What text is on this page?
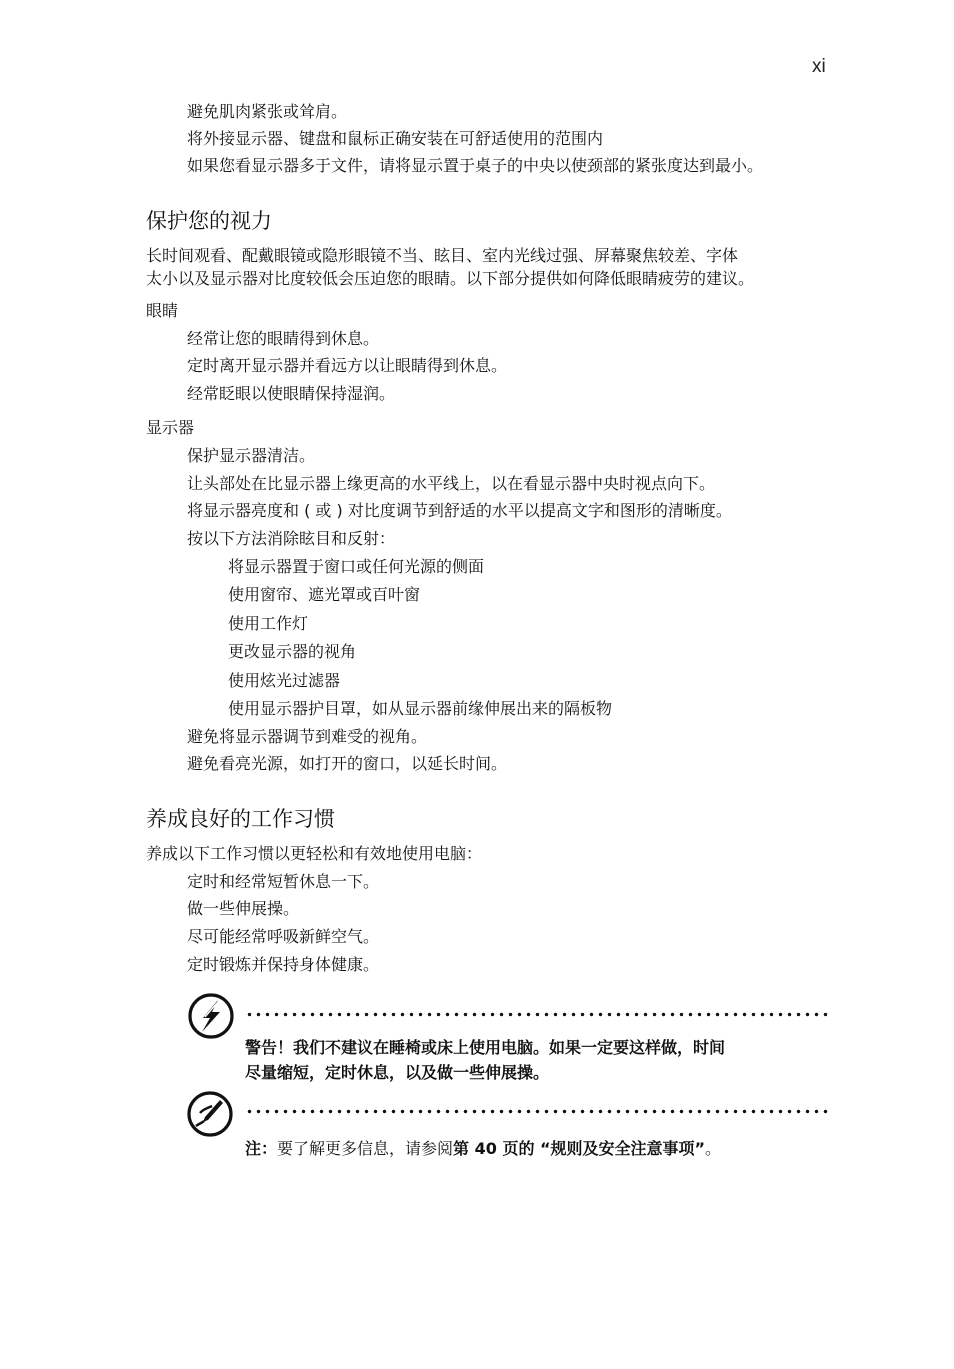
xi
避免肌肉紧张或耸肩。
将外接显示器、键盘和鼠标正确安装在可舒适使用的范围内
如果您看显示器多于文件，请将显示置于桌子的中央以使颈部的紧张度达到最小。
保护您的视力
长时间观看、配戴眼镜或隐形眼镜不当、眩目、室内光线过强、屏幕聚焦较差、字体
太小以及显示器对比度较低会压迫您的眼睛。以下部分提供如何降低眼睛疲劳的建议。
眼睛
经常让您的眼睛得到休息。
定时离开显示器并看远方以让眼睛得到休息。
经常眨眼以使眼睛保持湿润。
显示器
保护显示器清洁。
让头部处在比显示器上缘更高的水平线上，以在看显示器中央时视点向下。
将显示器亮度和 ( 或 ) 对比度调节到舒适的水平以提高文字和图形的清晰度。
按以下方法消除眩目和反射：
将显示器置于窗口或任何光源的侧面
使用窗帘、遮光罩或百叶窗
使用工作灯
更改显示器的视角
使用炫光过滤器
使用显示器护目罩，如从显示器前缘伸展出来的隔板物
避免将显示器调节到难受的视角。
避免看亮光源，如打开的窗口，以延长时间。
养成良好的工作习惯
养成以下工作习惯以更轻松和有效地使用电脑：
定时和经常短暂休息一下。
做一些伸展操。
尽可能经常呼吸新鲜空气。
定时锻炼并保持身体健康。
警告！我们不建议在睡椅或床上使用电脑。如果一定要这样做，时间
尽量缩短，定时休息，以及做一些伸展操。
注：要了解更多信息，请参阅第 40 页的 “规则及安全注意事项”。
